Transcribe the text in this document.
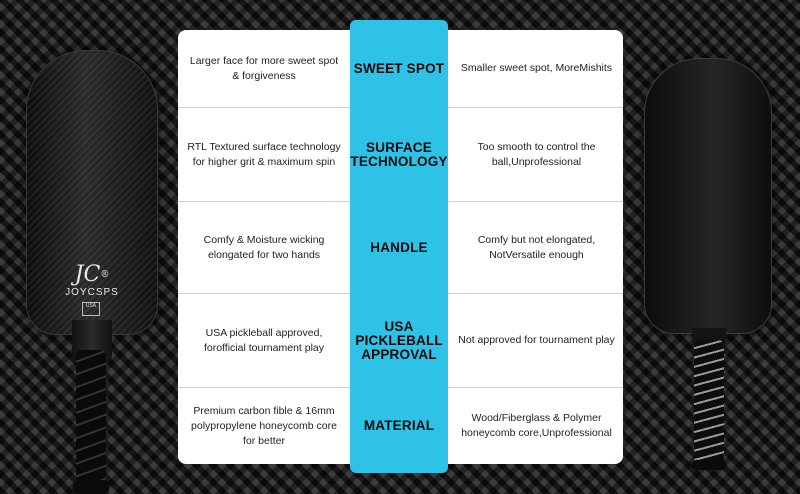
JC®
JOYCSPS
USA
Larger face for more sweet spot & forgiveness
Smaller sweet spot, MoreMishits
RTL Textured surface technology for higher grit & maximum spin
Too smooth to control the ball,Unprofessional
Comfy & Moisture wicking elongated for two hands
Comfy but not elongated, NotVersatile enough
USA pickleball approved, forofficial tournament play
Not approved for tournament play
Premium carbon fible & 16mm polypropylene honeycomb core for better
Wood/Fiberglass & Polymer honeycomb core,Unprofessional
SWEET SPOT
SURFACE TECHNOLOGY
HANDLE
USA PICKLEBALL APPROVAL
MATERIAL
